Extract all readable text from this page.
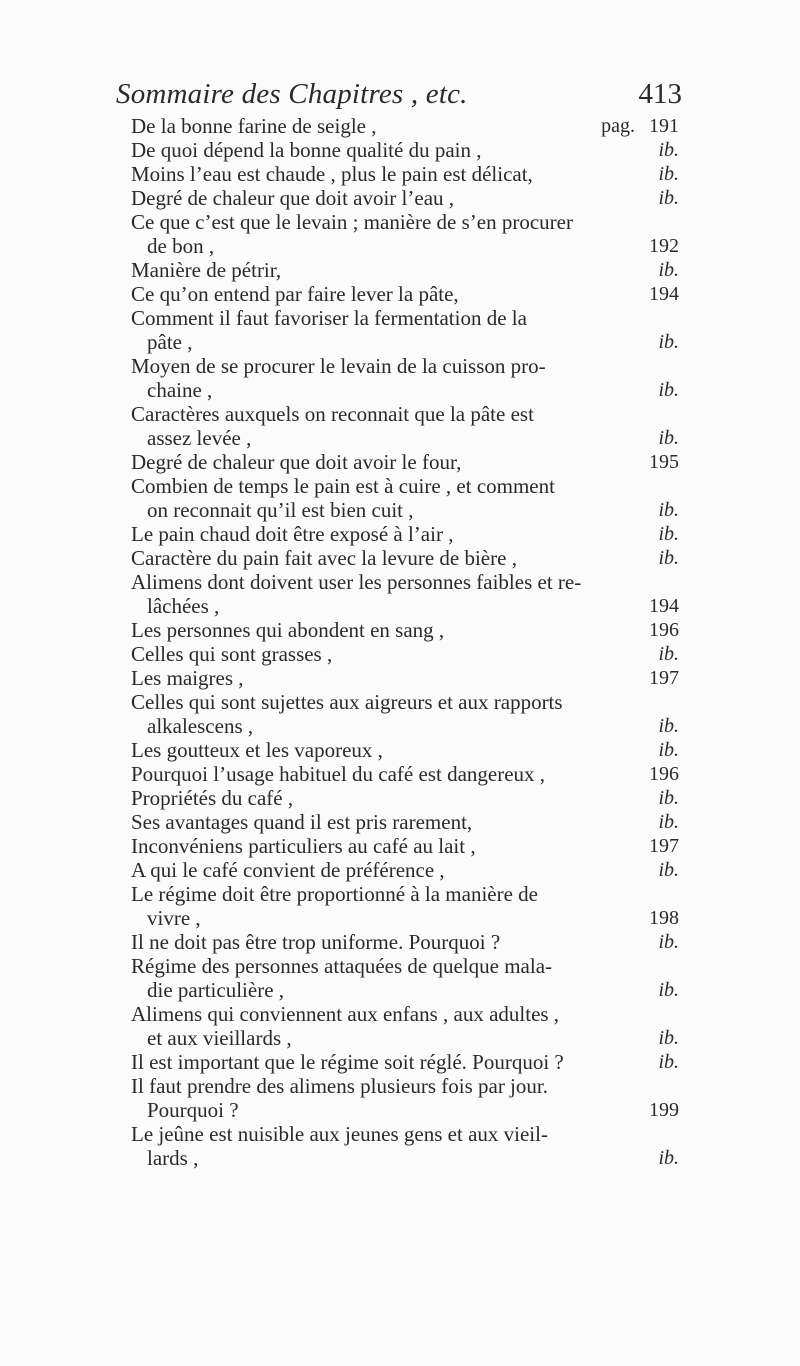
Sommaire des Chapitres , etc.	413
De la bonne farine de seigle ,	pag. 191
De quoi dépend la bonne qualité du pain ,	ib.
Moins l’eau est chaude , plus le pain est délicat,	ib.
Degré de chaleur que doit avoir l’eau ,	ib.
Ce que c’est que le levain ; manière de s’en procurer
de bon ,	192
Manière de pétrir,	ib.
Ce qu’on entend par faire lever la pâte,	194
Comment il faut favoriser la fermentation de la
pâte ,	ib.
Moyen de se procurer le levain de la cuisson pro-
chaine ,	ib.
Caractères auxquels on reconnait que la pâte est
assez levée ,	ib.
Degré de chaleur que doit avoir le four,	195
Combien de temps le pain est à cuire , et comment
on reconnait qu’il est bien cuit ,	ib.
Le pain chaud doit être exposé à l’air ,	ib.
Caractère du pain fait avec la levure de bière ,	ib.
Alimens dont doivent user les personnes faibles et re-
lâchées ,	194
Les personnes qui abondent en sang ,	196
Celles qui sont grasses ,	ib.
Les maigres ,	197
Celles qui sont sujettes aux aigreurs et aux rapports
alkalescens ,	ib.
Les goutteux et les vaporeux ,	ib.
Pourquoi l’usage habituel du café est dangereux ,	196
Propriétés du café ,	ib.
Ses avantages quand il est pris rarement,	ib.
Inconvéniens particuliers au café au lait ,	197
A qui le café convient de préférence ,	ib.
Le régime doit être proportionné à la manière de
vivre ,	198
Il ne doit pas être trop uniforme. Pourquoi ?	ib.
Régime des personnes attaquées de quelque mala-
die particulière ,	ib.
Alimens qui conviennent aux enfans , aux adultes ,
et aux vieillards ,	ib.
Il est important que le régime soit réglé. Pourquoi ?	ib.
Il faut prendre des alimens plusieurs fois par jour.
Pourquoi ?	199
Le jeûne est nuisible aux jeunes gens et aux vieil-
lards ,	ib.
